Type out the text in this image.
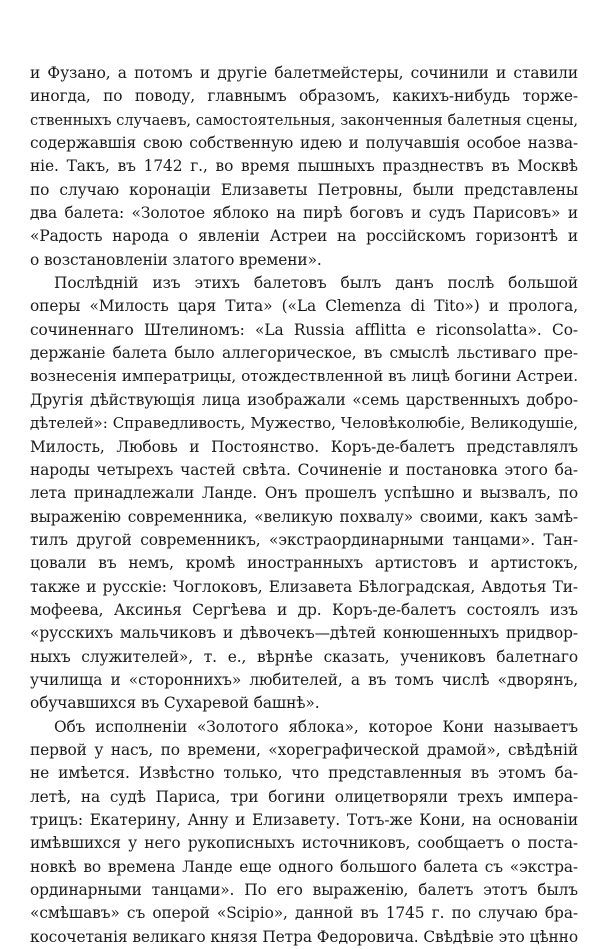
и Фузано, а потомъ и другіе балетмейстеры, сочинили и ставили
иногда, по поводу, главнымъ образомъ, какихъ-нибудь торже-
ственныхъ случаевъ, самостоятельныя, законченныя балетныя сцены,
содержавшія свою собственную идею и получавшія особое назва-
ніе. Такъ, въ 1742 г., во время пышныхъ празднествъ въ Москвѣ
по случаю коронаціи Елизаветы Петровны, были представлены
два балета: «Золотое яблоко на пирѣ боговъ и судъ Парисовъ» и
«Радость народа о явленіи Астреи на россійскомъ горизонтѣ и
о возстановленіи златого времени».

Послѣдній изъ этихъ балетовъ былъ данъ послѣ большой
оперы «Милость царя Тита» («La Clemenza di Tito») и пролога,
сочиненнаго Штелиномъ: «La Russia afflitta e riconsolatta». Со-
держаніе балета было аллегорическое, въ смыслѣ льстиваго пре-
вознесенія императрицы, отождествленной въ лицѣ богини Астреи.
Другія дѣйствующія лица изображали «семь царственныхъ добро-
дѣтелей»: Справедливость, Мужество, Человѣколюбіе, Великодушіе,
Милость, Любовь и Постоянство. Коръ-де-балетъ представлялъ
народы четырехъ частей свѣта. Сочиненіе и постановка этого ба-
лета принадлежали Ланде. Онъ прошелъ успѣшно и вызвалъ, по
выраженію современника, «великую похвалу» своими, какъ замѣ-
тилъ другой современникъ, «экстраординарными танцами». Тан-
цовали въ немъ, кромѣ иностранныхъ артистовъ и артистокъ,
также и русскіе: Чоглоковъ, Елизавета Бѣлоградская, Авдотья Ти-
мофеева, Аксинья Сергѣева и др. Коръ-де-балетъ состоялъ изъ
«русскихъ мальчиковъ и дѣвочекъ—дѣтей конюшенныхъ придвор-
ныхъ служителей», т. е., вѣрнѣе сказать, учениковъ балетнаго
училища и «стороннихъ» любителей, а въ томъ числѣ «дворянъ,
обучавшихся въ Сухаревой башнѣ».

Объ исполненіи «Золотого яблока», которое Кони называетъ
первой у насъ, по времени, «хореграфической драмой», свѣдѣній
не имѣется. Извѣстно только, что представленныя въ этомъ ба-
летѣ, на судѣ Париса, три богини олицетворяли трехъ импера-
трицъ: Екатерину, Анну и Елизавету. Тотъ-же Кони, на основаніи
имѣвшихся у него рукописныхъ источниковъ, сообщаетъ о поста-
новкѣ во времена Ланде еще одного большого балета съ «экстра-
ординарными танцами». По его выраженію, балетъ этотъ былъ
«смѣшавъ» съ оперой «Scipio», данной въ 1745 г. по случаю бра-
косочетанія великаго князя Петра Федоровича. Свѣдѣвіе это цѣнно
